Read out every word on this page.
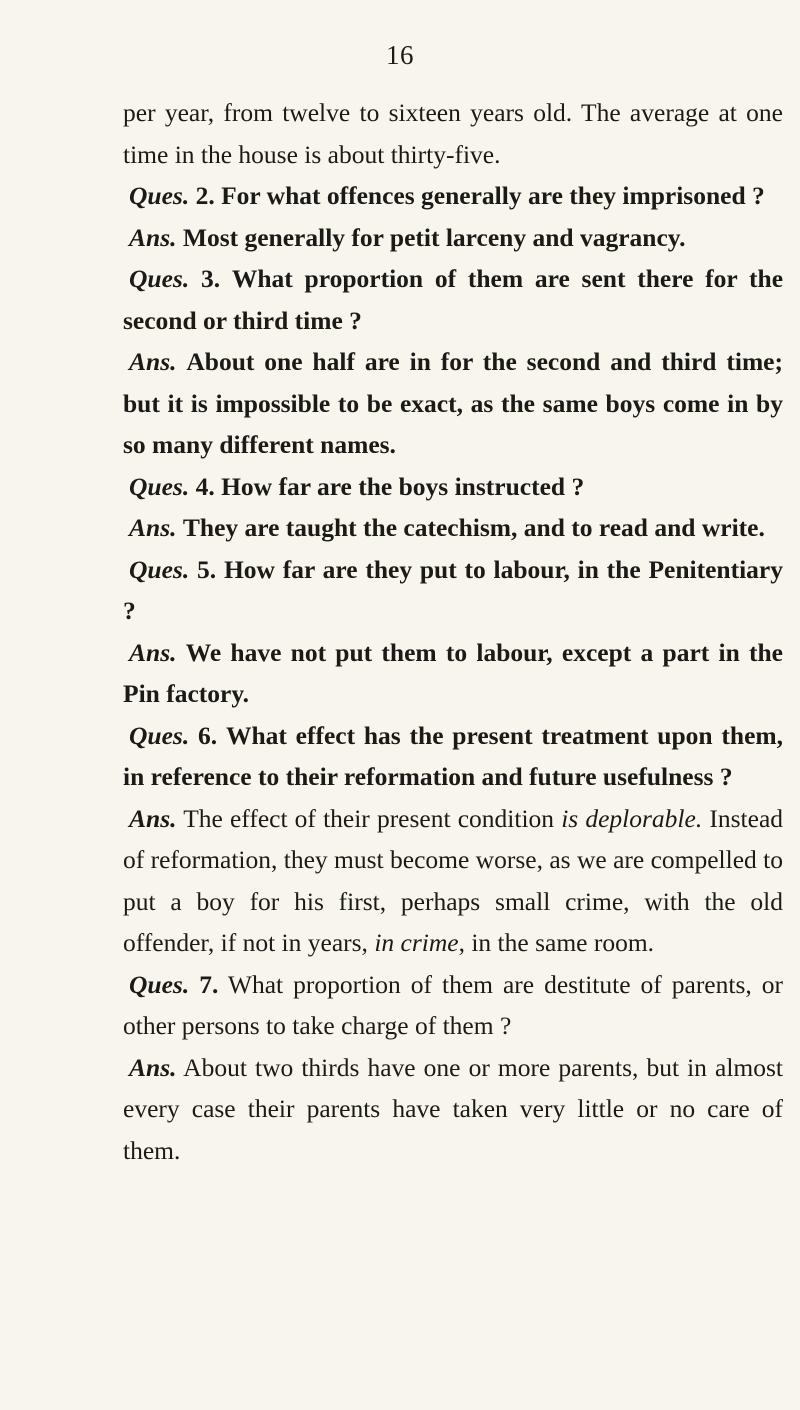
16

per year, from twelve to sixteen years old. The average at one time in the house is about thirty-five.

Ques. 2. For what offences generally are they imprisoned ?

Ans. Most generally for petit larceny and vagrancy.

Ques. 3. What proportion of them are sent there for the second or third time ?

Ans. About one half are in for the second and third time; but it is impossible to be exact, as the same boys come in by so many different names.

Ques. 4. How far are the boys instructed ?

Ans. They are taught the catechism, and to read and write.

Ques. 5. How far are they put to labour, in the Penitentiary ?

Ans. We have not put them to labour, except a part in the Pin factory.

Ques. 6. What effect has the present treatment upon them, in reference to their reformation and future usefulness ?

Ans. The effect of their present condition is deplorable. Instead of reformation, they must become worse, as we are compelled to put a boy for his first, perhaps small crime, with the old offender, if not in years, in crime, in the same room.

Ques. 7. What proportion of them are destitute of parents, or other persons to take charge of them ?

Ans. About two thirds have one or more parents, but in almost every case their parents have taken very little or no care of them.
